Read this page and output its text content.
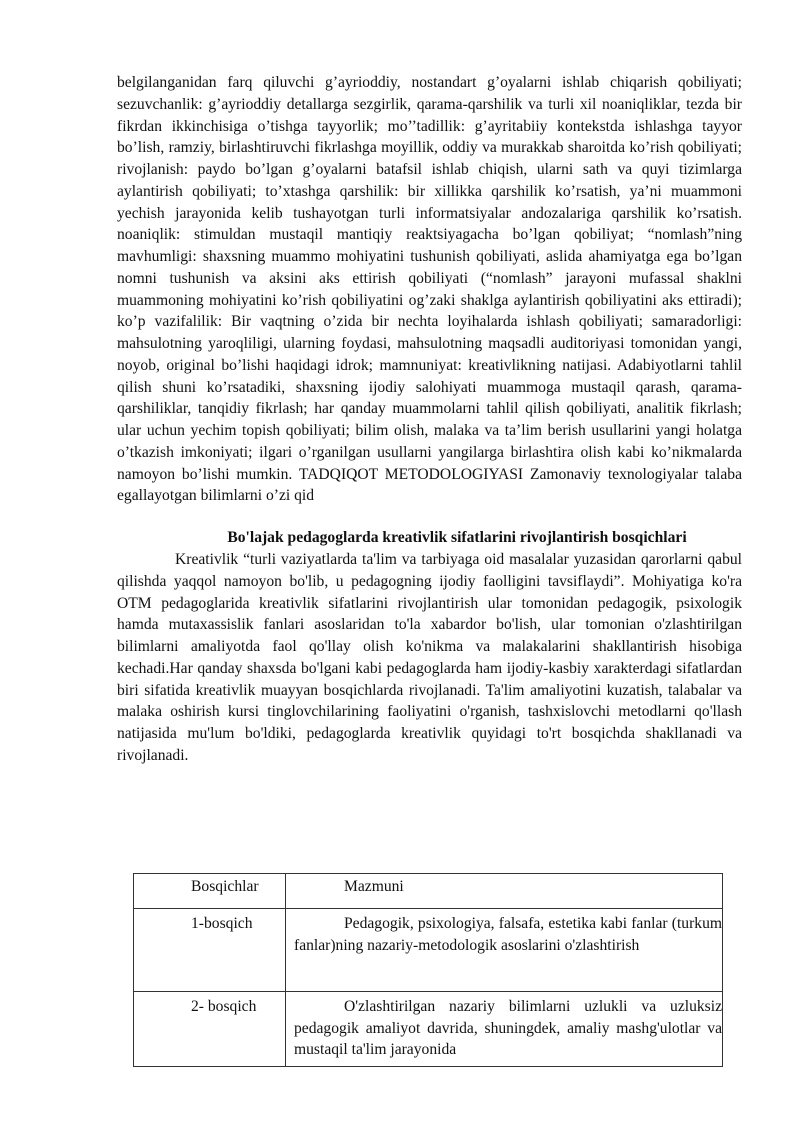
belgilanganidan farq qiluvchi g’ayrioddiy, nostandart g’oyalarni ishlab chiqarish qobiliyati; sezuvchanlik: g’ayrioddiy detallarga sezgirlik, qarama-qarshilik va turli xil noaniqliklar, tezda bir fikrdan ikkinchisiga o’tishga tayyorlik; mo’’tadillik: g’ayritabiiy kontekstda ishlashga tayyor bo’lish, ramziy, birlashtiruvchi fikrlashga moyillik, oddiy va murakkab sharoitda ko’rish qobiliyati; rivojlanish: paydo bo’lgan g’oyalarni batafsil ishlab chiqish, ularni sath va quyi tizimlarga aylantirish qobiliyati; to’xtashga qarshilik: bir xillikka qarshilik ko’rsatish, ya’ni muammoni yechish jarayonida kelib tushayotgan turli informatsiyalar andozalariga qarshilik ko’rsatish. noaniqlik: stimuldan mustaqil mantiqiy reaktsiyagacha bo’lgan qobiliyat; “nomlash”ning mavhumligi: shaxsning muammo mohiyatini tushunish qobiliyati, aslida ahamiyatga ega bo’lgan nomni tushunish va aksini aks ettirish qobiliyati (“nomlash” jarayoni mufassal shaklni muammoning mohiyatini ko’rish qobiliyatini og’zaki shaklga aylantirish qobiliyatini aks ettiradi); ko’p vazifalilik: Bir vaqtning o’zida bir nechta loyihalarda ishlash qobiliyati; samaradorligi: mahsulotning yaroqliligi, ularning foydasi, mahsulotning maqsadli auditoriyasi tomonidan yangi, noyob, original bo’lishi haqidagi idrok; mamnuniyat: kreativlikning natijasi. Adabiyotlarni tahlil qilish shuni ko’rsatadiki, shaxsning ijodiy salohiyati muammoga mustaqil qarash, qarama-qarshiliklar, tanqidiy fikrlash; har qanday muammolarni tahlil qilish qobiliyati, analitik fikrlash; ular uchun yechim topish qobiliyati; bilim olish, malaka va ta’lim berish usullarini yangi holatga o’tkazish imkoniyati; ilgari o’rganilgan usullarni yangilarga birlashtira olish kabi ko’nikmalarda namoyon bo’lishi mumkin. TADQIQOT METODOLOGIYASI Zamonaviy texnologiyalar talaba egallayotgan bilimlarni o’zi qid

Bo'lajak pedagoglarda kreativlik sifatlarini rivojlantirish bosqichlari

Kreativlik “turli vaziyatlarda ta'lim va tarbiyaga oid masalalar yuzasidan qarorlarni qabul qilishda yaqqol namoyon bo'lib, u pedagogning ijodiy faolligini tavsiflaydi”. Mohiyatiga ko'ra OTM pedagoglarida kreativlik sifatlarini rivojlantirish ular tomonidan pedagogik, psixologik hamda mutaxassislik fanlari asoslaridan to'la xabardor bo'lish, ular tomonian o'zlashtirilgan bilimlarni amaliyotda faol qo'llay olish ko'nikma va malakalarini shakllantirish hisobiga kechadi.Har qanday shaxsda bo'lgani kabi pedagoglarda ham ijodiy-kasbiy xarakterdagi sifatlardan biri sifatida kreativlik muayyan bosqichlarda rivojlanadi. Ta'lim amaliyotini kuzatish, talabalar va malaka oshirish kursi tinglovchilarining faoliyatini o'rganish, tashxislovchi metodlarni qo'llash natijasida mu'lum bo'ldiki, pedagoglarda kreativlik quyidagi to'rt bosqichda shakllanadi va rivojlanadi.

Bosqichlar	Mazmuni
1-bosqich	Pedagogik, psixologiya, falsafa, estetika kabi fanlar (turkum fanlar)ning nazariy-metodologik asoslarini o'zlashtirish
2- bosqich	O'zlashtirilgan nazariy bilimlarni uzlukli va uzluksiz pedagogik amaliyot davrida, shuningdek, amaliy mashg'ulotlar va mustaqil ta'lim jarayonida
